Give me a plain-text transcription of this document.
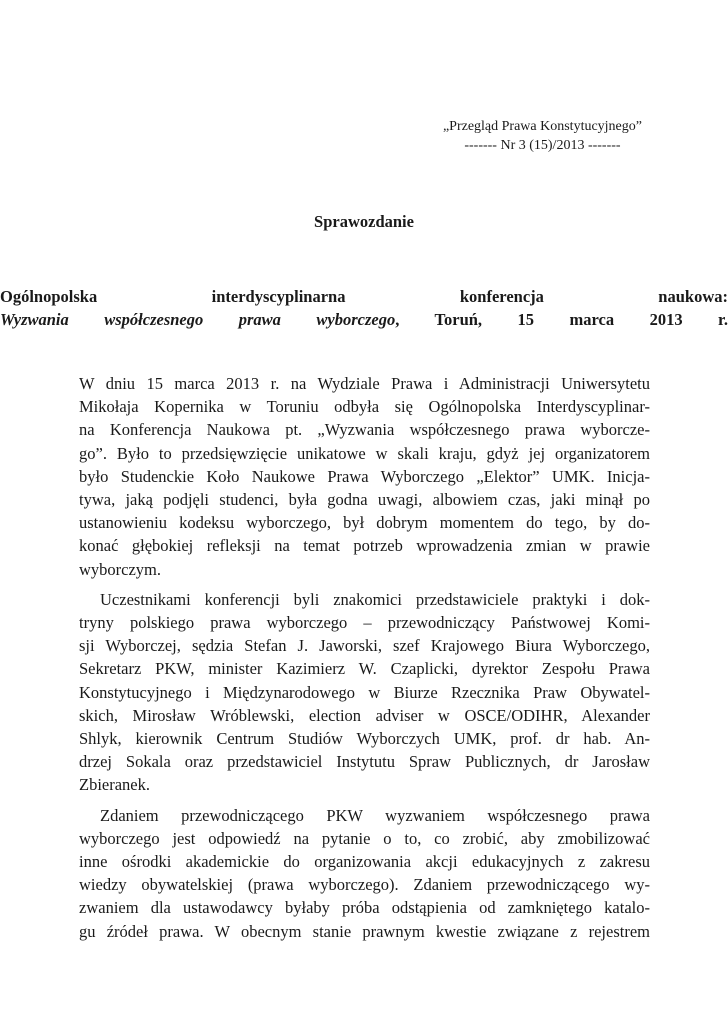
„Przegląd Prawa Konstytucyjnego”
------- Nr 3 (15)/2013 -------
Sprawozdanie
Ogólnopolska interdyscyplinarna konferencja naukowa:
Wyzwania współczesnego prawa wyborczego, Toruń, 15 marca 2013 r.
W dniu 15 marca 2013 r. na Wydziale Prawa i Administracji Uniwersytetu
Mikołaja Kopernika w Toruniu odbyła się Ogólnopolska Interdyscyplinar-
na Konferencja Naukowa pt. „Wyzwania współczesnego prawa wyborcze-
go”. Było to przedsięwzięcie unikatowe w skali kraju, gdyż jej organizatorem
było Studenckie Koło Naukowe Prawa Wyborczego „Elektor” UMK. Inicja-
tywa, jaką podjęli studenci, była godna uwagi, albowiem czas, jaki minął po
ustanowieniu kodeksu wyborczego, był dobrym momentem do tego, by do-
konać głębokiej refleksji na temat potrzeb wprowadzenia zmian w prawie
wyborczym.
Uczestnikami konferencji byli znakomici przedstawiciele praktyki i dok-
tryny polskiego prawa wyborczego – przewodniczący Państwowej Komi-
sji Wyborczej, sędzia Stefan J. Jaworski, szef Krajowego Biura Wyborczego,
Sekretarz PKW, minister Kazimierz W. Czaplicki, dyrektor Zespołu Prawa
Konstytucyjnego i Międzynarodowego w Biurze Rzecznika Praw Obywatel-
skich, Mirosław Wróblewski, election adviser w OSCE/ODIHR, Alexander
Shlyk, kierownik Centrum Studiów Wyborczych UMK, prof. dr hab. An-
drzej Sokala oraz przedstawiciel Instytutu Spraw Publicznych, dr Jarosław
Zbieranek.
Zdaniem przewodniczącego PKW wyzwaniem współczesnego prawa
wyborczego jest odpowiedź na pytanie o to, co zrobić, aby zmobilizować
inne ośrodki akademickie do organizowania akcji edukacyjnych z zakresu
wiedzy obywatelskiej (prawa wyborczego). Zdaniem przewodniczącego wy-
zwaniem dla ustawodawcy byłaby próba odstąpienia od zamkniętego katalo-
gu źródeł prawa. W obecnym stanie prawnym kwestie związane z rejestrem
